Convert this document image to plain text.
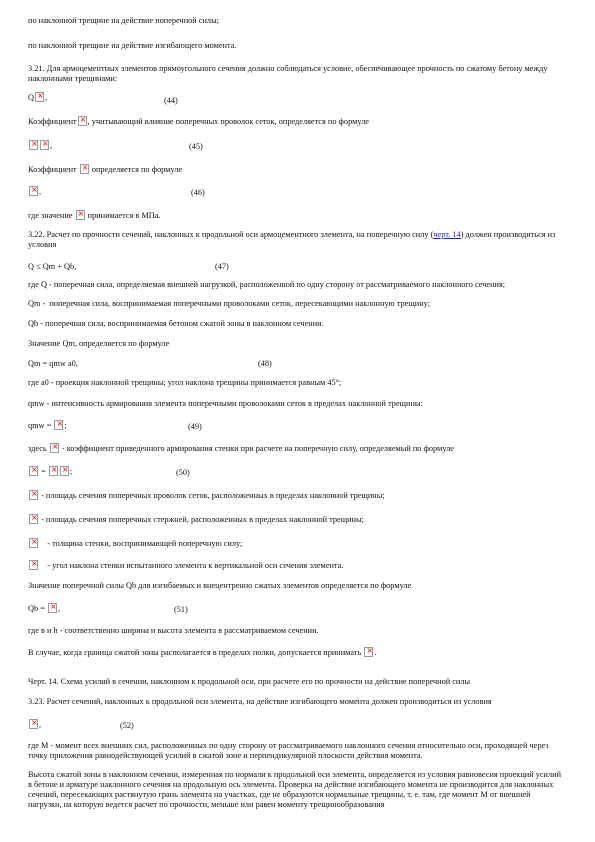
по наклонной трещине на действие поперечной силы;
по наклонной трещине на действие изгибающего момента.
3.21. Для армоцементных элементов прямоугольного сечения должно соблюдаться условие, обеспечивающее прочность по сжатому бетону между наклонными трещинами:
Q × ,	(44)
Коэффициент × , учитывающий влияние поперечных проволок сеток, определяется по формуле
××,	(45)
Коэффициент × определяется по формуле
×,	(46)
где значение × принимается в МПа.
3.22. Расчет по прочности сечений, наклонных к продольной оси армоцементного элемента, на поперечную силу (черт. 14) должен производиться из условия
Q ≤ Qm + Qb,	(47)
где Q - поперечная сила, определяемая внешней нагрузкой, расположенной по одну сторону от рассматриваемого наклонного сечения;
Qm - поперечная сила, воспринимаемая поперечными проволоками сеток, пересекающими наклонную трещину;
Qb - поперечная сила, воспринимаемая бетоном сжатой зоны в наклонном сечении.
Значение Qm, определяется по формуле
Qm = qmw a0,	(48)
где a0 - проекция наклонной трещины; угол наклона трещины принимается равным 45°;
qmw - интенсивность армирования элемента поперечными проволоками сеток в пределах наклонной трещины:
qmw = × ;	(49)
здесь × - коэффициент приведенного армирования стенки при расчете на поперечную силу, определяемый по формуле
× = × ×	;	(50)
× - площадь сечения поперечных проволок сеток, расположенных в пределах наклонной трещины;
× - площадь сечения поперечных стержней, расположенных в пределах наклонной трещины;
×    - толщина стенки, воспринимающей поперечную силу;
×    - угол наклона стенки испытанного элемента к вертикальной оси сечения элемента.
Значение поперечной силы Qb для изгибаемых и внецентренно сжатых элементов определяется по формуле
Qb = × ,	(51)
где в и h - соответственно ширина и высота элемента в рассматриваемом сечении.
В случае, когда граница сжатой зоны располагается в пределах полки, допускается принимать × .
Черт. 14. Схема усилий в сечении, наклонном к продольной оси, при расчете его по прочности на действие поперечной силы
3.23. Расчет сечений, наклонных к продольной оси элемента, на действие изгибающего момента должен производиться из условия
×,	(52)
где М - момент всех внешних сил, расположенных по одну сторону от рассматриваемого наклонного сечения относительно оси, проходящей через точку приложения равнодействующей усилий в сжатой зоне и перпендикулярной плоскости действия момента.
Высота сжатой зоны в наклонном сечении, измеренная по нормали к продольной оси элемента, определяется из условия равновесия проекций усилий в бетоне и арматуре наклонного сечения на продольную ось элемента. Проверка на действие изгибающего момента не производится для наклонных сечений, пересекающих растянутую грань элемента на участках, где не образуются нормальные трещины, т. е. там, где момент М от внешней нагрузки, на которую ведется расчет по прочности, меньше или равен моменту трещинообразования
